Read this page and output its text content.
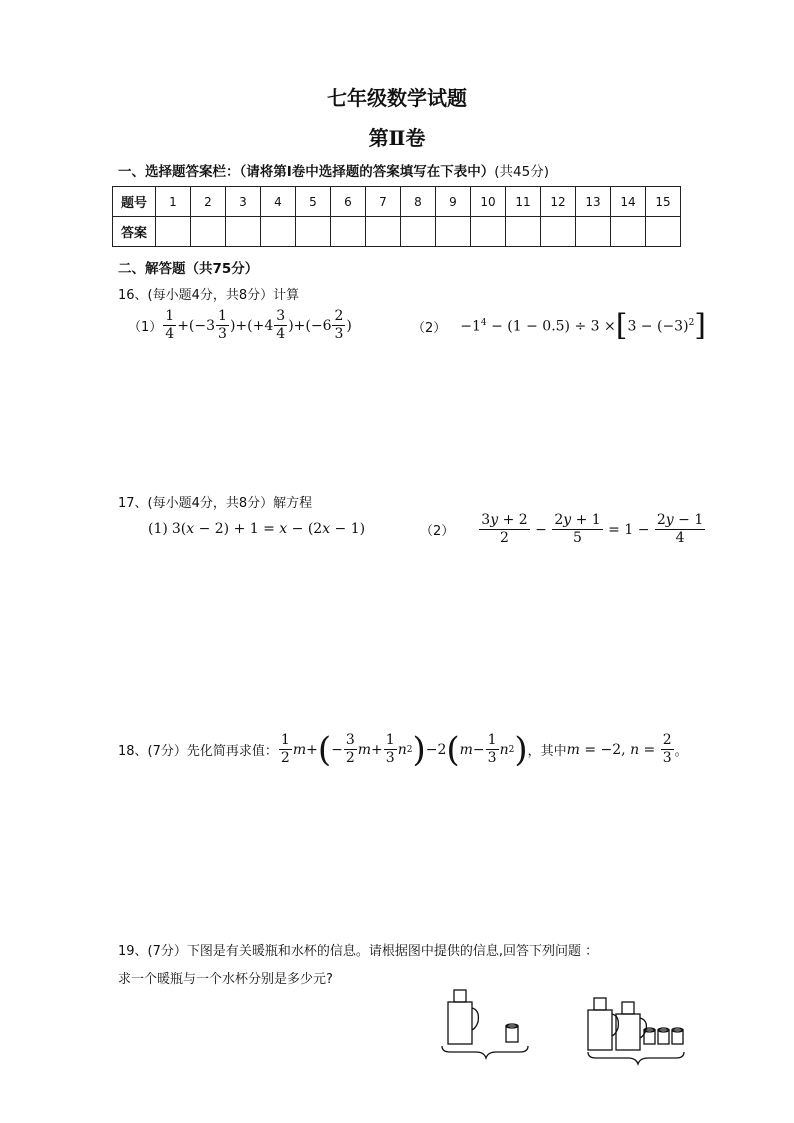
七年级数学试题
第Ⅱ卷
一、选择题答案栏：（请将第Ⅰ卷中选择题的答案填写在下表中）(共45分)
题号	1	2	3	4	5	6	7	8	9	10	11	12	13	14	15
答案															
二、解答题（共75分）
16、(每小题4分，共8分）计算
$(1) \frac{1}{4} +(-3 \frac{1}{3} )+(+4 \frac{3}{4} )+(-6 \frac{2}{3}$ )	$(2) -1^4 - (1 - 0.5) \div 3$ × [ $3 - (-3)^2$ ]
17、(每小题4分，共8分）解方程
(1) 3(x − 2) + 1 = x − (2x − 1)	$(2) \frac{3y + 2}{2} - \frac{2y + 1}{5} = 1 - \frac{2y - 1}{4}$
18、(7分）先化简再求值： $\frac{1}{2}$ m + ( − $\frac{3}{2}$ $m + \frac{1}{3}$ n 2 ) −2 ( $m - \frac{1}{3}$ n 2 ) ，其中 m = −2, $n = \frac{2}{3}$ 。
19、(7分）下图是有关暖瓶和水杯的信息。请根据图中提供的信息,回答下列问题 ：
求一个暖瓶与一个水杯分别是多少元?
